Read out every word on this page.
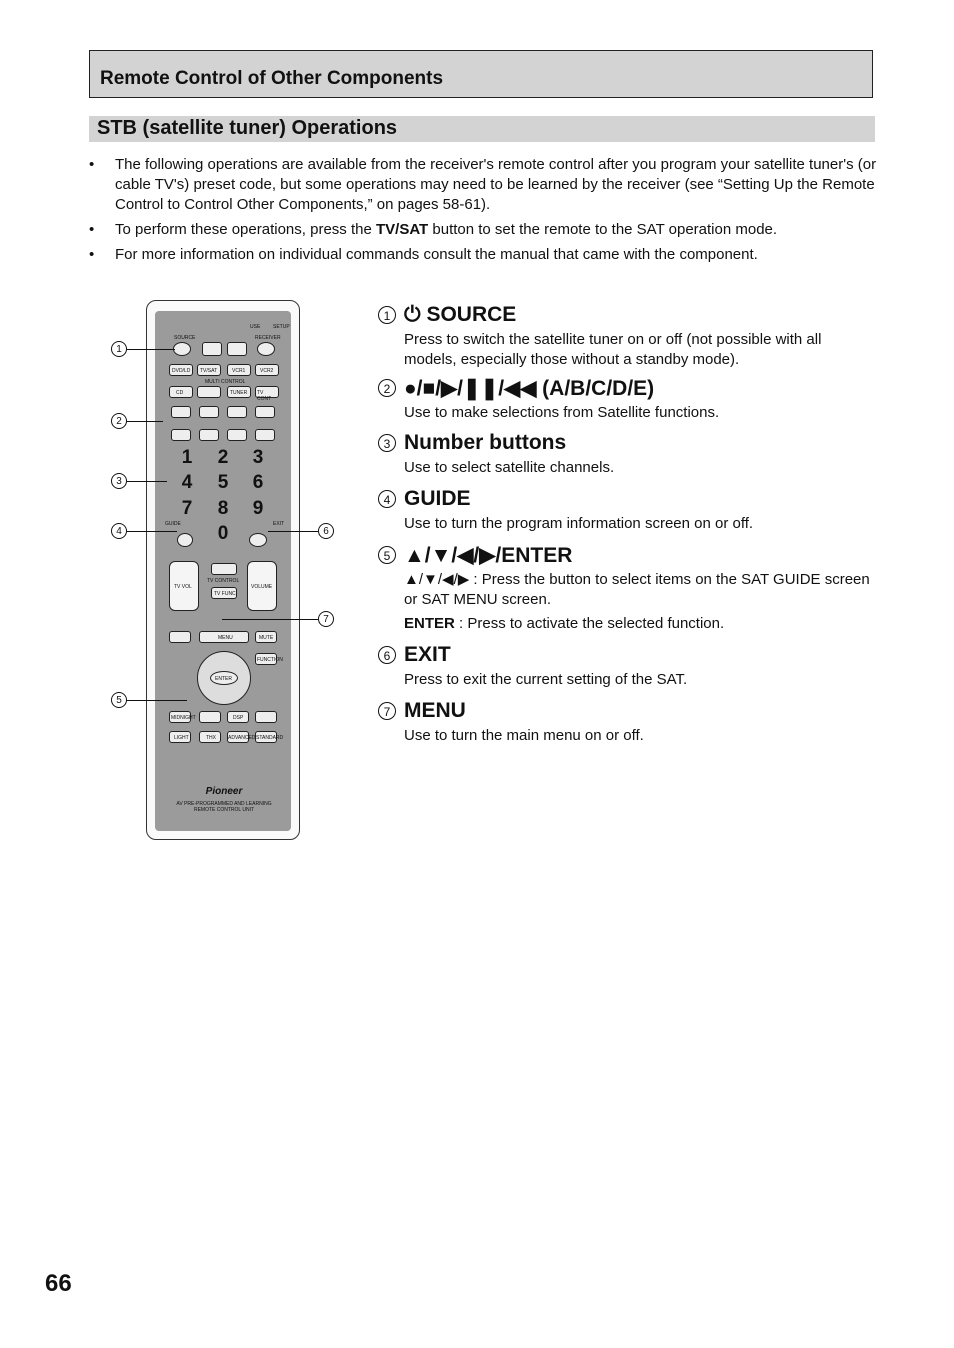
Remote Control of Other Components
STB (satellite tuner) Operations
• The following operations are available from the receiver's remote control after you program your satellite tuner's (or cable TV's) preset code, but some operations may need to be learned by the receiver (see “Setting Up the Remote Control to Control Other Components,” on pages 58-61).
• To perform these operations, press the TV/SAT button to set the remote to the SAT operation mode.
• For more information on individual commands consult the manual that came with the component.
USE	SETUP
SOURCE	RECEIVER
DVD/LD TV/SAT	VCR1	VCR2
MULTI CONTROL
CD	TUNER TV CONT
1 2 3
4 5 6
7 8 9
0
GUIDE	EXIT
TV VOL
TV CONTROL
TV FUNC
VOLUME
MENU	MUTE
ENTER
FUNCTION
MIDNIGHT	DSP
LIGHT	THX ADVANCED STANDARD
Pioneer
AV PRE-PROGRAMMED AND LEARNING REMOTE CONTROL UNIT
1
2
3
4
5
6
7
1 ⏻ SOURCE

Press to switch the satellite tuner on or off (not possible with all models, especially those without a standby mode).

2 ●/■/▶/❚❚/◀◀ (A/B/C/D/E)

Use to make selections from Satellite functions.

3 Number buttons

Use to select satellite channels.

4 GUIDE

Use to turn the program information screen on or off.

5 ▲/▼/◀/▶/ENTER

▲/▼/◀/▶ : Press the button to select items on the SAT GUIDE screen or SAT MENU screen.

ENTER : Press to activate the selected function.

6 EXIT

Press to exit the current setting of the SAT.

7 MENU

Use to turn the main menu on or off.

66
